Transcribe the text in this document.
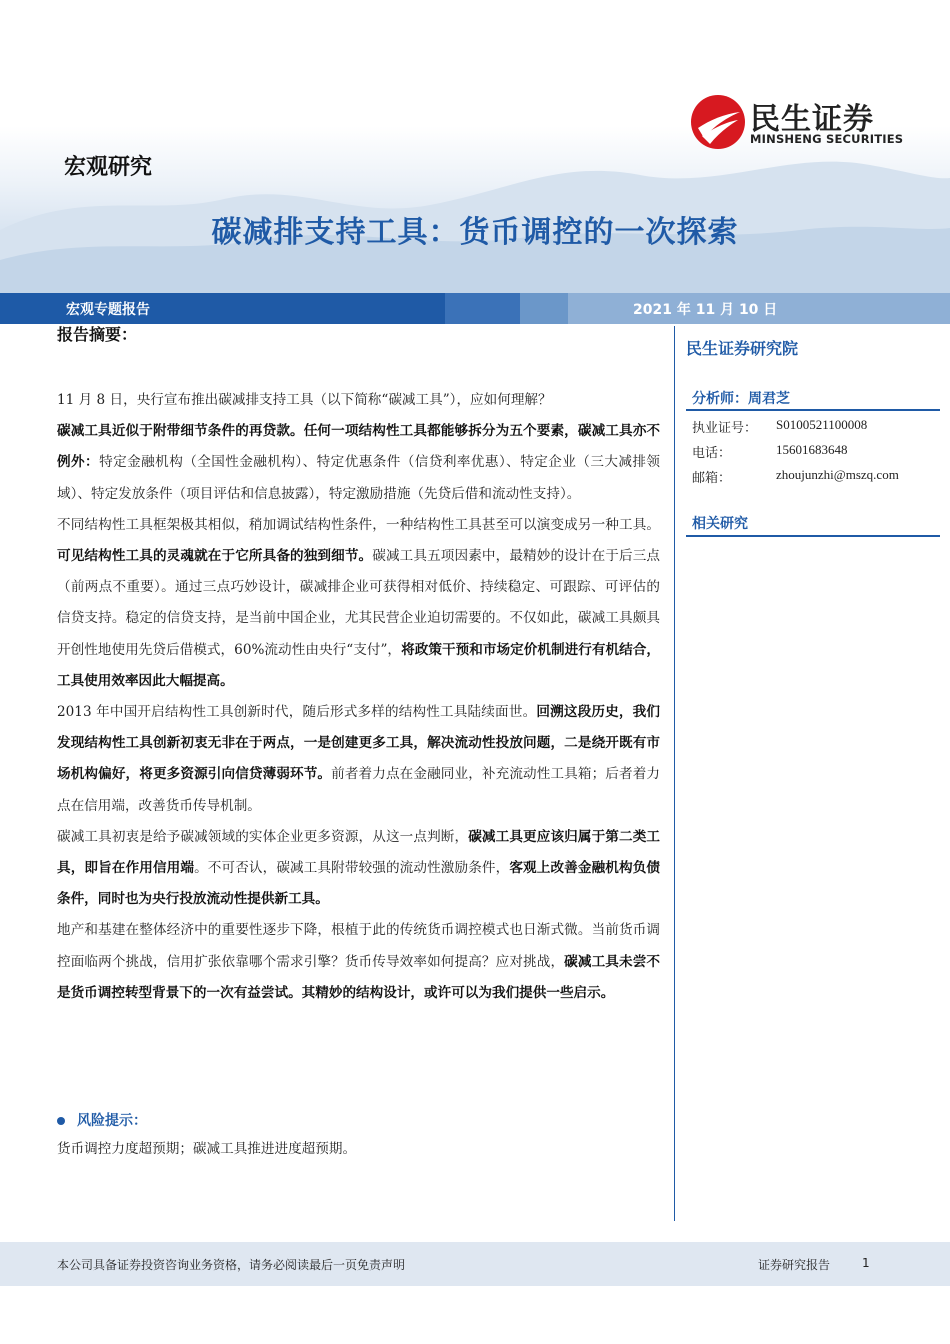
宏观研究
民生证券
MINSHENG SECURITIES
碳减排支持工具：货币调控的一次探索
宏观专题报告	2021 年 11 月 10 日
报告摘要：

11 月 8 日，央行宣布推出碳减排支持工具（以下简称“碳减工具”），应如何理解？

碳减工具近似于附带细节条件的再贷款。任何一项结构性工具都能够拆分为五个要素，碳减工具亦不例外：特定金融机构（全国性金融机构）、特定优惠条件（信贷利率优惠）、特定企业（三大减排领域）、特定发放条件（项目评估和信息披露），特定激励措施（先贷后借和流动性支持）。

不同结构性工具框架极其相似，稍加调试结构性条件，一种结构性工具甚至可以演变成另一种工具。可见结构性工具的灵魂就在于它所具备的独到细节。碳减工具五项因素中，最精妙的设计在于后三点（前两点不重要）。通过三点巧妙设计，碳减排企业可获得相对低价、持续稳定、可跟踪、可评估的信贷支持。稳定的信贷支持，是当前中国企业，尤其民营企业迫切需要的。不仅如此，碳减工具颇具开创性地使用先贷后借模式，60%流动性由央行“支付”，将政策干预和市场定价机制进行有机结合，工具使用效率因此大幅提高。

2013 年中国开启结构性工具创新时代，随后形式多样的结构性工具陆续面世。回溯这段历史，我们发现结构性工具创新初衷无非在于两点，一是创建更多工具，解决流动性投放问题，二是绕开既有市场机构偏好，将更多资源引向信贷薄弱环节。前者着力点在金融同业，补充流动性工具箱；后者着力点在信用端，改善货币传导机制。

碳减工具初衷是给予碳减领域的实体企业更多资源，从这一点判断，碳减工具更应该归属于第二类工具，即旨在作用信用端。不可否认，碳减工具附带较强的流动性激励条件，客观上改善金融机构负债条件，同时也为央行投放流动性提供新工具。

地产和基建在整体经济中的重要性逐步下降，根植于此的传统货币调控模式也日渐式微。当前货币调控面临两个挑战，信用扩张依靠哪个需求引擎？货币传导效率如何提高？应对挑战，碳减工具未尝不是货币调控转型背景下的一次有益尝试。其精妙的结构设计，或许可以为我们提供一些启示。

风险提示：
货币调控力度超预期；碳减工具推进进度超预期。
民生证券研究院
分析师：周君芝
执业证号： S0100521100008
电话：	15601683648
邮箱：	zhoujunzhi@mszq.com
相关研究
本公司具备证券投资咨询业务资格，请务必阅读最后一页免责声明	证券研究报告	1
